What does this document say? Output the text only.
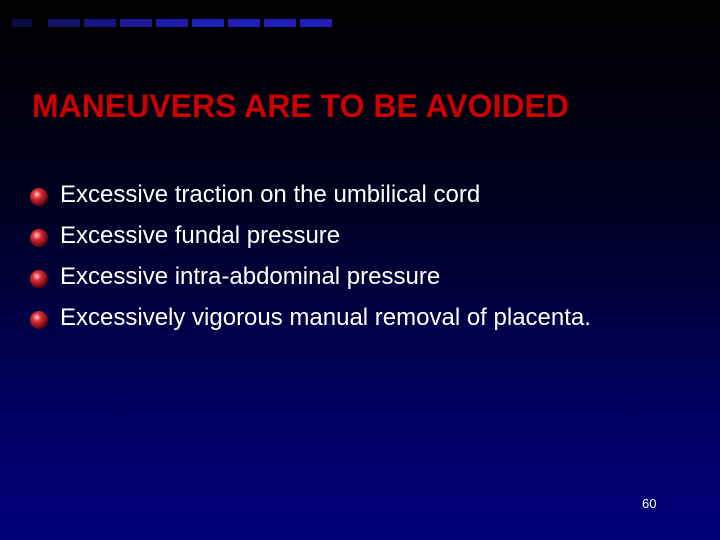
MANEUVERS ARE TO BE AVOIDED
Excessive traction on the umbilical cord
Excessive fundal pressure
Excessive intra-abdominal pressure
Excessively vigorous manual removal of placenta.
60
